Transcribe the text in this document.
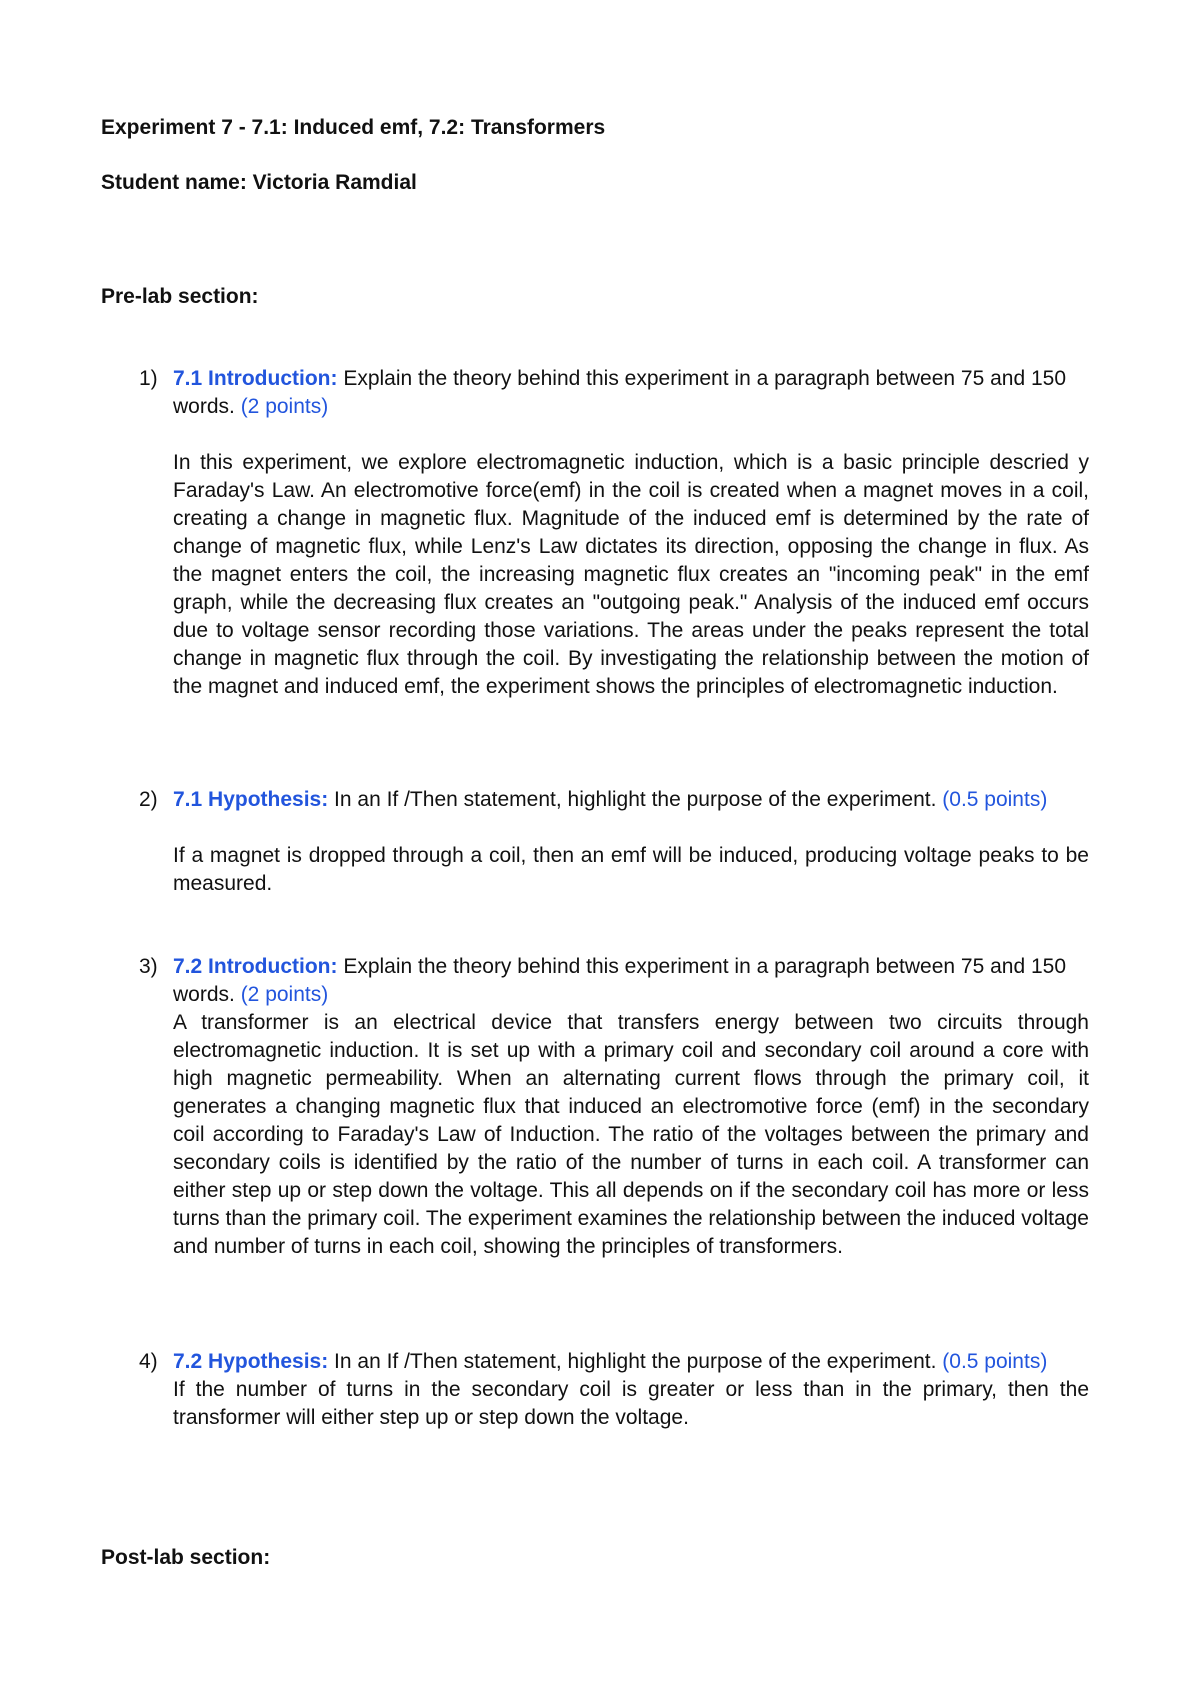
Experiment 7 - 7.1: Induced emf, 7.2: Transformers

Student name: Victoria Ramdial

Pre-lab section:

1) 7.1 Introduction: Explain the theory behind this experiment in a paragraph between 75 and 150 words. (2 points)

In this experiment, we explore electromagnetic induction, which is a basic principle descried y Faraday's Law. An electromotive force(emf) in the coil is created when a magnet moves in a coil, creating a change in magnetic flux. Magnitude of the induced emf is determined by the rate of change of magnetic flux, while Lenz's Law dictates its direction, opposing the change in flux. As the magnet enters the coil, the increasing magnetic flux creates an "incoming peak" in the emf graph, while the decreasing flux creates an "outgoing peak." Analysis of the induced emf occurs due to voltage sensor recording those variations. The areas under the peaks represent the total change in magnetic flux through the coil. By investigating the relationship between the motion of the magnet and induced emf, the experiment shows the principles of electromagnetic induction.

2) 7.1 Hypothesis: In an If /Then statement, highlight the purpose of the experiment. (0.5 points)

If a magnet is dropped through a coil, then an emf will be induced, producing voltage peaks to be measured.

3) 7.2 Introduction: Explain the theory behind this experiment in a paragraph between 75 and 150 words. (2 points)

A transformer is an electrical device that transfers energy between two circuits through electromagnetic induction. It is set up with a primary coil and secondary coil around a core with high magnetic permeability. When an alternating current flows through the primary coil, it generates a changing magnetic flux that induced an electromotive force (emf) in the secondary coil according to Faraday's Law of Induction. The ratio of the voltages between the primary and secondary coils is identified by the ratio of the number of turns in each coil. A transformer can either step up or step down the voltage. This all depends on if the secondary coil has more or less turns than the primary coil. The experiment examines the relationship between the induced voltage and number of turns in each coil, showing the principles of transformers.

4) 7.2 Hypothesis: In an If /Then statement, highlight the purpose of the experiment. (0.5 points)

If the number of turns in the secondary coil is greater or less than in the primary, then the transformer will either step up or step down the voltage.

Post-lab section:
